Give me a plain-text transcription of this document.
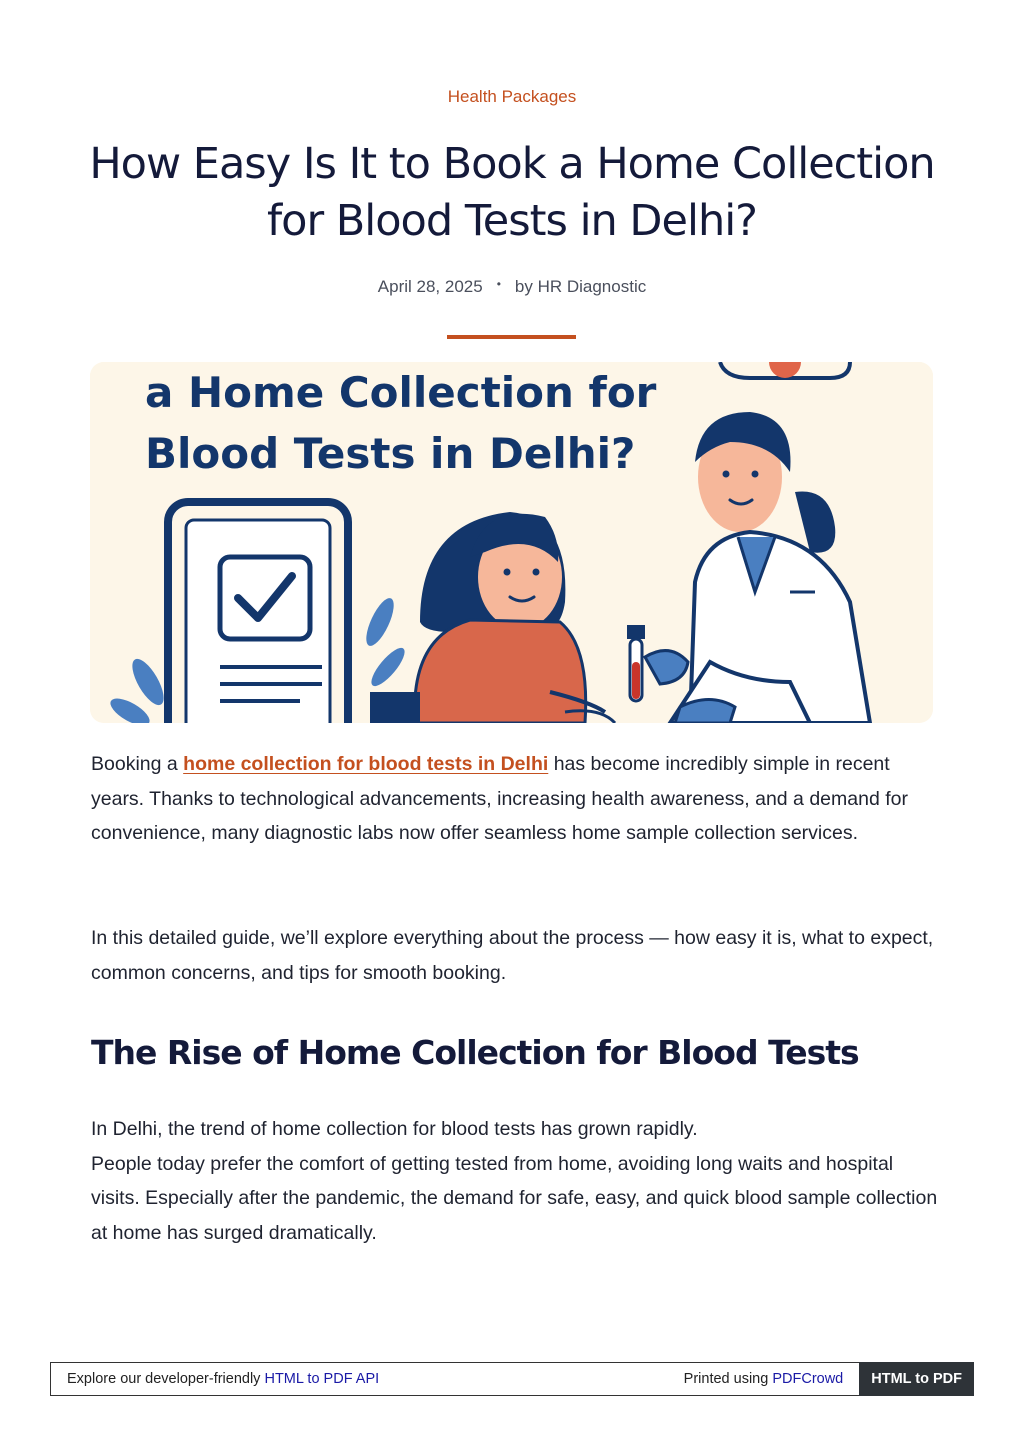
Health Packages
How Easy Is It to Book a Home Collection for Blood Tests in Delhi?
April 28, 2025 • by HR Diagnostic
a Home Collection for
Blood Tests in Delhi?

Booking a home collection for blood tests in Delhi has become incredibly simple in recent years. Thanks to technological advancements, increasing health awareness, and a demand for convenience, many diagnostic labs now offer seamless home sample collection services.

In this detailed guide, we’ll explore everything about the process — how easy it is, what to expect, common concerns, and tips for smooth booking.

The Rise of Home Collection for Blood Tests

In Delhi, the trend of home collection for blood tests has grown rapidly.
People today prefer the comfort of getting tested from home, avoiding long waits and hospital visits. Especially after the pandemic, the demand for safe, easy, and quick blood sample collection at home has surged dramatically.

Explore our developer-friendly HTML to PDF API	Printed using PDFCrowd	HTML to PDF
